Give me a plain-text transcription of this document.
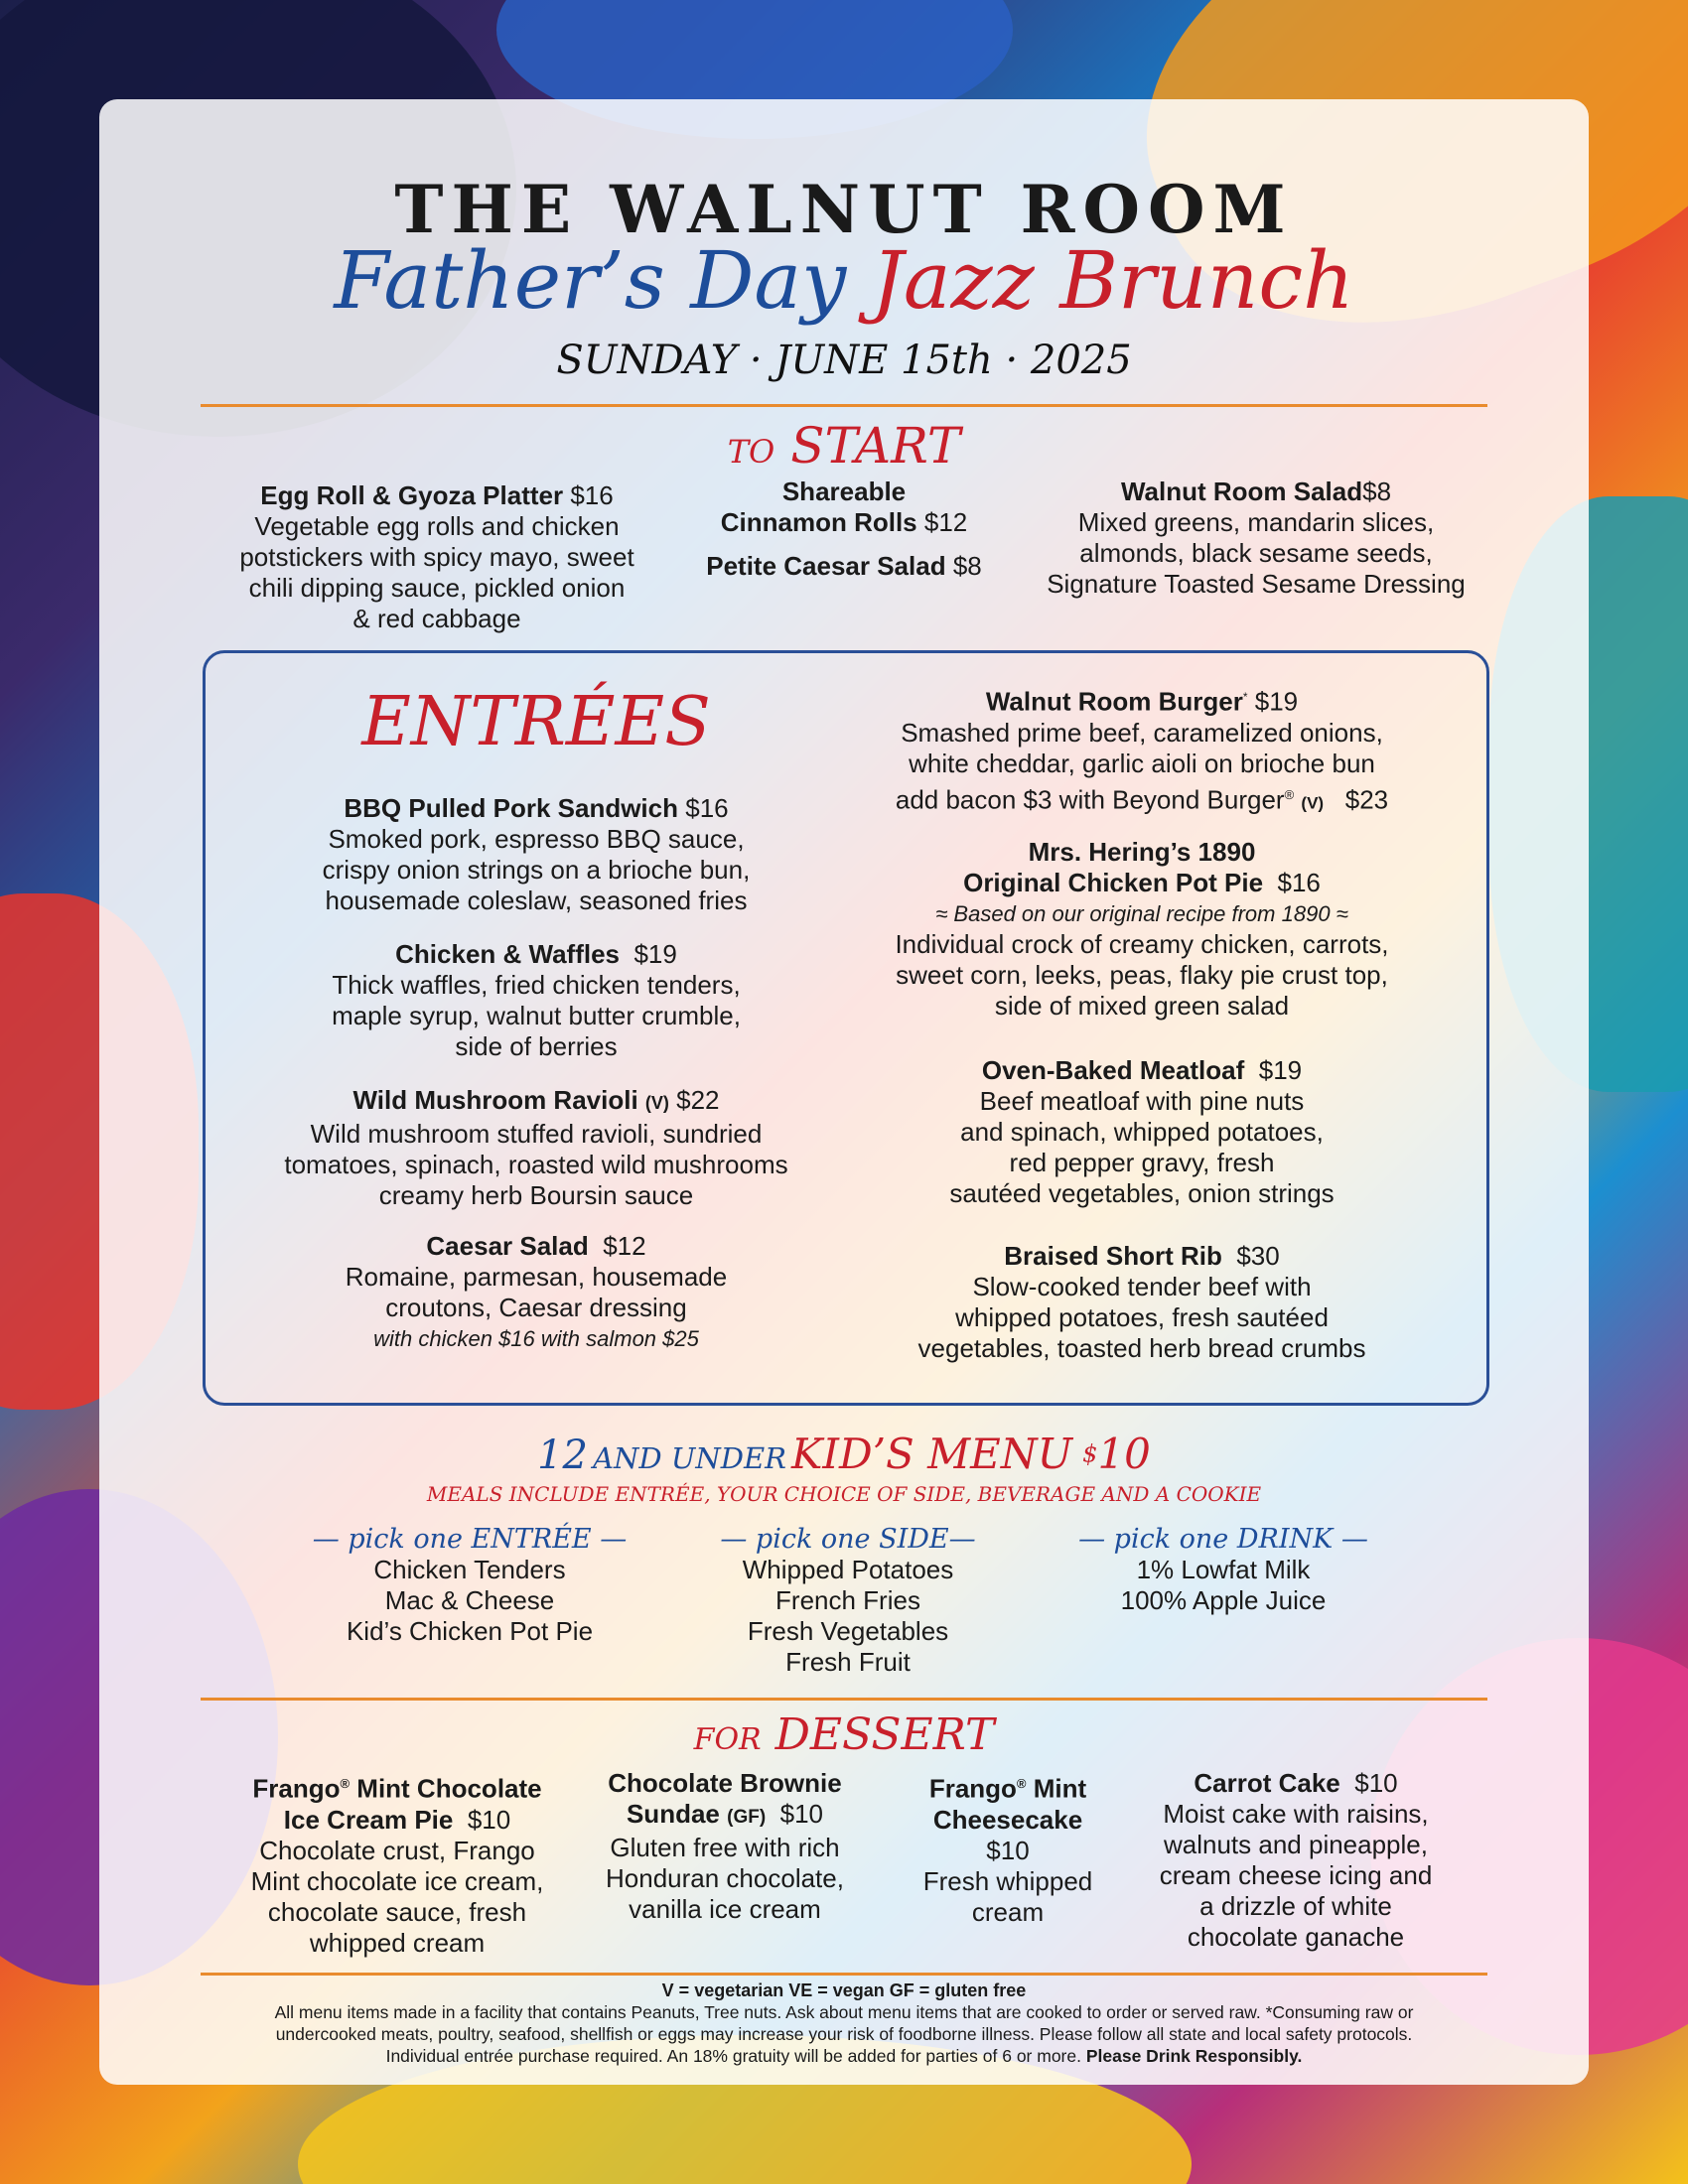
THE WALNUT ROOM
Father’s Day Jazz Brunch
SUNDAY · JUNE 15th · 2025
TO START
Egg Roll & Gyoza Platter $16
Vegetable egg rolls and chicken
potstickers with spicy mayo, sweet
chili dipping sauce, pickled onion
& red cabbage
Shareable
Cinnamon Rolls $12
Petite Caesar Salad $8
Walnut Room Salad$8
Mixed greens, mandarin slices,
almonds, black sesame seeds,
Signature Toasted Sesame Dressing
ENTRÉES
BBQ Pulled Pork Sandwich $16
Smoked pork, espresso BBQ sauce,
crispy onion strings on a brioche bun,
housemade coleslaw, seasoned fries
Chicken & Waffles $19
Thick waffles, fried chicken tenders,
maple syrup, walnut butter crumble,
side of berries
Wild Mushroom Ravioli (V) $22
Wild mushroom stuffed ravioli, sundried
tomatoes, spinach, roasted wild mushrooms
creamy herb Boursin sauce
Caesar Salad $12
Romaine, parmesan, housemade
croutons, Caesar dressing
with chicken $16 with salmon $25
Walnut Room Burger* $19
Smashed prime beef, caramelized onions,
white cheddar, garlic aioli on brioche bun
add bacon $3 with Beyond Burger® (V) $23
Mrs. Hering’s 1890
Original Chicken Pot Pie $16
≈ Based on our original recipe from 1890 ≈
Individual crock of creamy chicken, carrots,
sweet corn, leeks, peas, flaky pie crust top,
side of mixed green salad
Oven-Baked Meatloaf $19
Beef meatloaf with pine nuts
and spinach, whipped potatoes,
red pepper gravy, fresh
sautéed vegetables, onion strings
Braised Short Rib $30
Slow-cooked tender beef with
whipped potatoes, fresh sautéed
vegetables, toasted herb bread crumbs
12 AND UNDER KID’S MENU $10
MEALS INCLUDE ENTRÉE, YOUR CHOICE OF SIDE, BEVERAGE AND A COOKIE
— pick one ENTRÉE —
Chicken Tenders
Mac & Cheese
Kid’s Chicken Pot Pie
— pick one SIDE—
Whipped Potatoes
French Fries
Fresh Vegetables
Fresh Fruit
— pick one DRINK —
1% Lowfat Milk
100% Apple Juice
FOR DESSERT
Frango® Mint Chocolate
Ice Cream Pie $10
Chocolate crust, Frango
Mint chocolate ice cream,
chocolate sauce, fresh
whipped cream
Chocolate Brownie
Sundae (GF) $10
Gluten free with rich
Honduran chocolate,
vanilla ice cream
Frango® Mint
Cheesecake
$10
Fresh whipped
cream
Carrot Cake $10
Moist cake with raisins,
walnuts and pineapple,
cream cheese icing and
a drizzle of white
chocolate ganache
V = vegetarian VE = vegan GF = gluten free
All menu items made in a facility that contains Peanuts, Tree nuts. Ask about menu items that are cooked to order or served raw. *Consuming raw or
undercooked meats, poultry, seafood, shellfish or eggs may increase your risk of foodborne illness. Please follow all state and local safety protocols.
Individual entrée purchase required. An 18% gratuity will be added for parties of 6 or more. Please Drink Responsibly.
